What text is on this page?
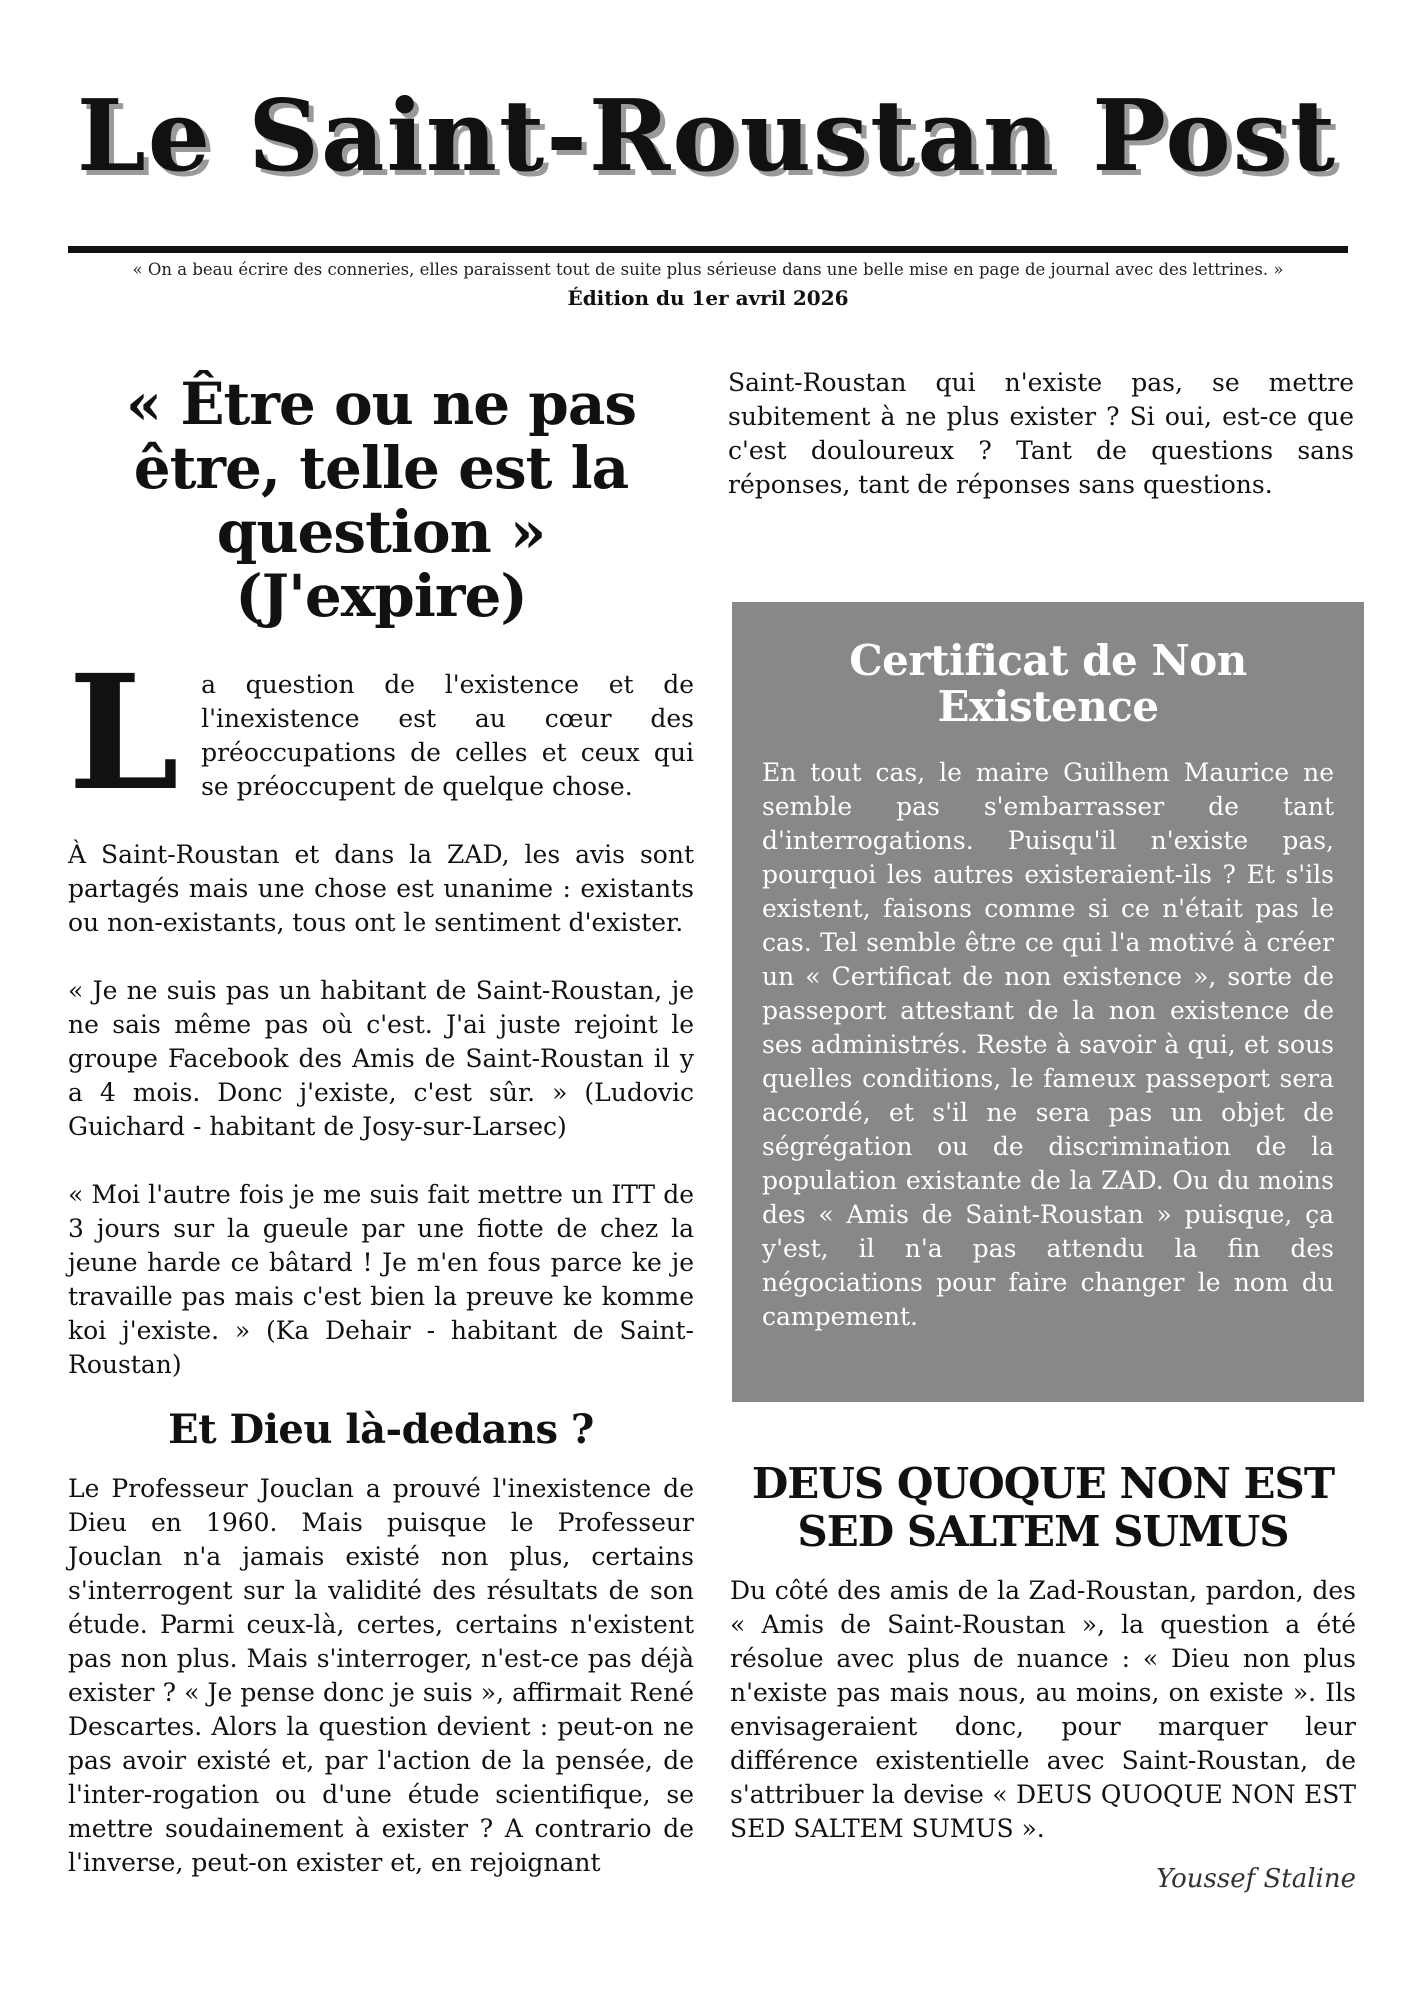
Le Saint-Roustan Post
« On a beau écrire des conneries, elles paraissent tout de suite plus sérieuse dans une belle mise en page de journal avec des lettrines. »
Édition du 1er avril 2026
« Être ou ne pas être, telle est la question » (J'expire)

La question de l'existence et de l'inexistence est au cœur des préoccupations de celles et ceux qui se préoccupent de quelque chose.

À Saint-Roustan et dans la ZAD, les avis sont partagés mais une chose est unanime : existants ou non-existants, tous ont le sentiment d'exister.

« Je ne suis pas un habitant de Saint-Roustan, je ne sais même pas où c'est. J'ai juste rejoint le groupe Facebook des Amis de Saint-Roustan il y a 4 mois. Donc j'existe, c'est sûr. » (Ludovic Guichard - habitant de Josy-sur-Larsec)

« Moi l'autre fois je me suis fait mettre un ITT de 3 jours sur la gueule par une fiotte de chez la jeune harde ce bâtard ! Je m'en fous parce ke je travaille pas mais c'est bien la preuve ke komme koi j'existe. » (Ka Dehair - habitant de Saint-Roustan)

Et Dieu là-dedans ?

Le Professeur Jouclan a prouvé l'inexistence de Dieu en 1960. Mais puisque le Professeur Jouclan n'a jamais existé non plus, certains s'interrogent sur la validité des résultats de son étude. Parmi ceux-là, certes, certains n'existent pas non plus. Mais s'interroger, n'est-ce pas déjà exister ? « Je pense donc je suis », affirmait René Descartes. Alors la question devient : peut-on ne pas avoir existé et, par l'action de la pensée, de l'inter-rogation ou d'une étude scientifique, se mettre soudainement à exister ? A contrario de l'inverse, peut-on exister et, en rejoignant

Saint-Roustan qui n'existe pas, se mettre subitement à ne plus exister ? Si oui, est-ce que c'est douloureux ? Tant de questions sans réponses, tant de réponses sans questions.

Certificat de Non Existence

En tout cas, le maire Guilhem Maurice ne semble pas s'embarrasser de tant d'interrogations. Puisqu'il n'existe pas, pourquoi les autres existeraient-ils ? Et s'ils existent, faisons comme si ce n'était pas le cas. Tel semble être ce qui l'a motivé à créer un « Certificat de non existence », sorte de passeport attestant de la non existence de ses administrés. Reste à savoir à qui, et sous quelles conditions, le fameux passeport sera accordé, et s'il ne sera pas un objet de ségrégation ou de discrimination de la population existante de la ZAD. Ou du moins des « Amis de Saint-Roustan » puisque, ça y'est, il n'a pas attendu la fin des négociations pour faire changer le nom du campement.

DEUS QUOQUE NON EST SED SALTEM SUMUS

Du côté des amis de la Zad-Roustan, pardon, des « Amis de Saint-Roustan », la question a été résolue avec plus de nuance : « Dieu non plus n'existe pas mais nous, au moins, on existe ». Ils envisageraient donc, pour marquer leur différence existentielle avec Saint-Roustan, de s'attribuer la devise « DEUS QUOQUE NON EST SED SALTEM SUMUS ».

Youssef Staline
